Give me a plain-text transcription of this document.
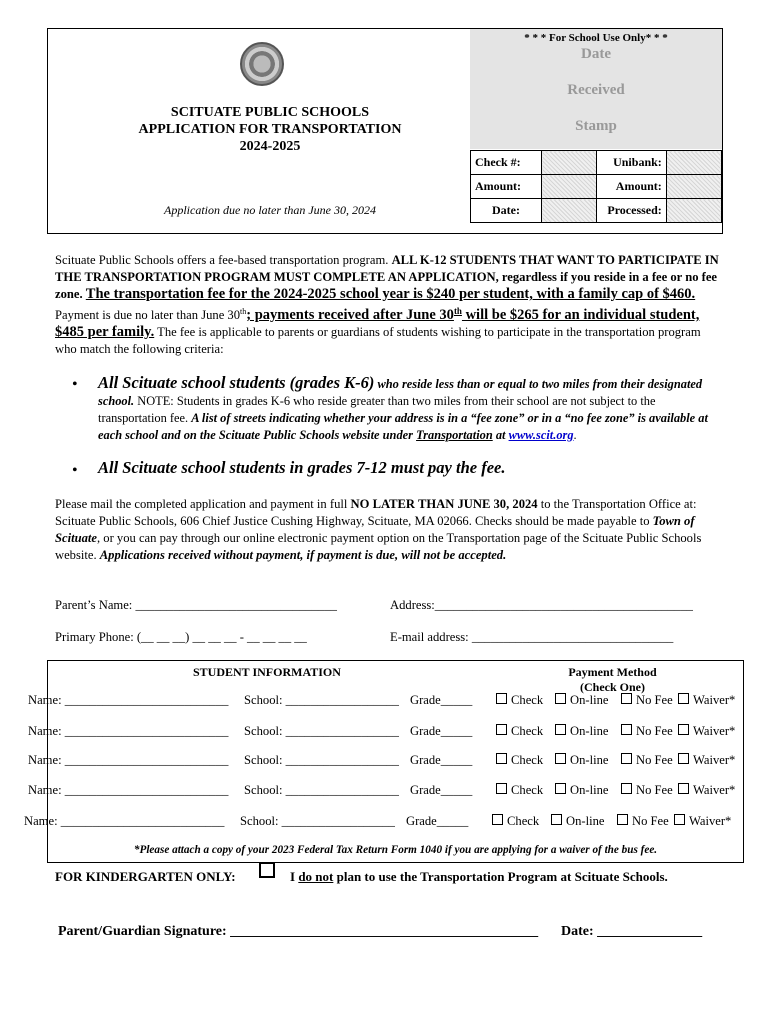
SCITUATE PUBLIC SCHOOLS
APPLICATION FOR TRANSPORTATION
2024-2025
Application due no later than June 30, 2024
* * * For School Use Only* * *
Date
Received
Stamp
Check #:		Unibank:	
Amount:		Amount:	
Date:		Processed:	
Scituate Public Schools offers a fee-based transportation program. ALL K-12 STUDENTS THAT WANT TO PARTICIPATE IN THE TRANSPORTATION PROGRAM MUST COMPLETE AN APPLICATION, regardless if you reside in a fee or no fee zone. The transportation fee for the 2024-2025 school year is $240 per student, with a family cap of $460. Payment is due no later than June 30th; payments received after June 30th will be $265 for an individual student, $485 per family. The fee is applicable to parents or guardians of students wishing to participate in the transportation program who match the following criteria:
• All Scituate school students (grades K-6) who reside less than or equal to two miles from their designated school. NOTE: Students in grades K-6 who reside greater than two miles from their school are not subject to the transportation fee. A list of streets indicating whether your address is in a “fee zone” or in a “no fee zone” is available at each school and on the Scituate Public Schools website under Transportation at www.scit.org.
• All Scituate school students in grades 7-12 must pay the fee.
Please mail the completed application and payment in full NO LATER THAN JUNE 30, 2024 to the Transportation Office at: Scituate Public Schools, 606 Chief Justice Cushing Highway, Scituate, MA 02066. Checks should be made payable to Town of Scituate, or you can pay through our online electronic payment option on the Transportation page of the Scituate Public Schools website. Applications received without payment, if payment is due, will not be accepted.
Parent’s Name: ________________________________	Address:_________________________________________
Primary Phone: (__ __ __) __ __ __ - __ __ __ __	E-mail address: ________________________________
STUDENT INFORMATION	Payment Method
(Check One)
Name: __________________________ School: __________________ Grade_____	Check	On-line	No Fee	Waiver*
Name: __________________________ School: __________________ Grade_____	Check	On-line	No Fee	Waiver*
Name: __________________________ School: __________________ Grade_____	Check	On-line	No Fee	Waiver*
Name: __________________________ School: __________________ Grade_____	Check	On-line	No Fee	Waiver*
Name: __________________________ School: __________________ Grade_____	Check	On-line	No Fee	Waiver*
*Please attach a copy of your 2023 Federal Tax Return Form 1040 if you are applying for a waiver of the bus fee.
FOR KINDERGARTEN ONLY:	I do not plan to use the Transportation Program at Scituate Schools.
Parent/Guardian Signature: ____________________________________________ Date: _______________
